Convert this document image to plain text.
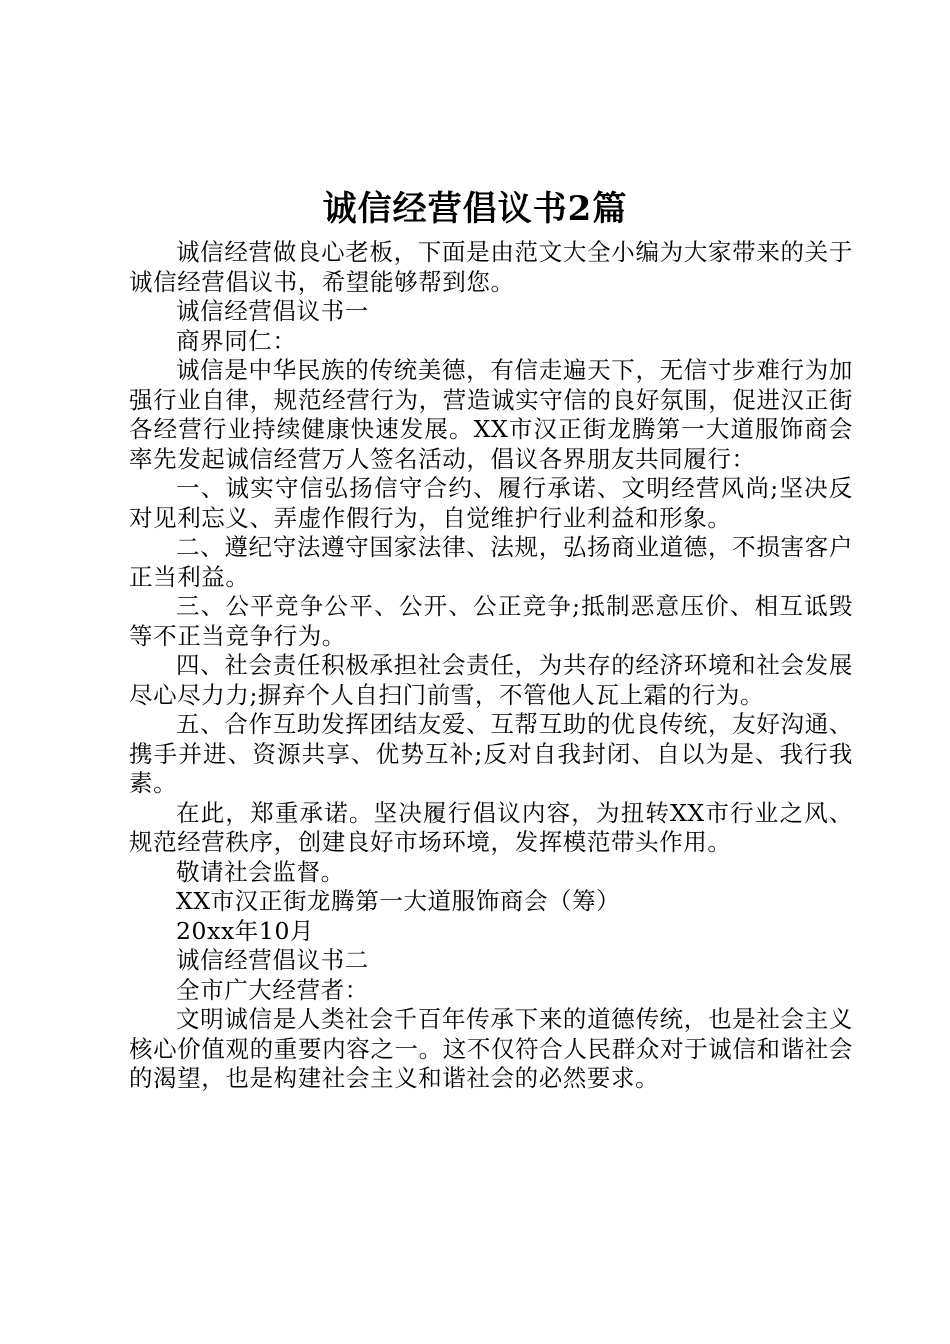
诚信经营倡议书2篇

诚信经营做良心老板，下面是由范文大全小编为大家带来的关于诚信经营倡议书，希望能够帮到您。

诚信经营倡议书一

商界同仁：

诚信是中华民族的传统美德，有信走遍天下，无信寸步难行为加强行业自律，规范经营行为，营造诚实守信的良好氛围，促进汉正街各经营行业持续健康快速发展。XX市汉正街龙腾第一大道服饰商会率先发起诚信经营万人签名活动，倡议各界朋友共同履行：

一、诚实守信弘扬信守合约、履行承诺、文明经营风尚;坚决反对见利忘义、弄虚作假行为，自觉维护行业利益和形象。

二、遵纪守法遵守国家法律、法规，弘扬商业道德，不损害客户正当利益。

三、公平竞争公平、公开、公正竞争;抵制恶意压价、相互诋毁等不正当竞争行为。

四、社会责任积极承担社会责任，为共存的经济环境和社会发展尽心尽力力;摒弃个人自扫门前雪，不管他人瓦上霜的行为。

五、合作互助发挥团结友爱、互帮互助的优良传统，友好沟通、携手并进、资源共享、优势互补;反对自我封闭、自以为是、我行我素。

在此，郑重承诺。坚决履行倡议内容，为扭转XX市行业之风、规范经营秩序，创建良好市场环境，发挥模范带头作用。

敬请社会监督。

XX市汉正街龙腾第一大道服饰商会（筹）

20xx年10月

诚信经营倡议书二

全市广大经营者：

文明诚信是人类社会千百年传承下来的道德传统，也是社会主义核心价值观的重要内容之一。这不仅符合人民群众对于诚信和谐社会的渴望，也是构建社会主义和谐社会的必然要求。
